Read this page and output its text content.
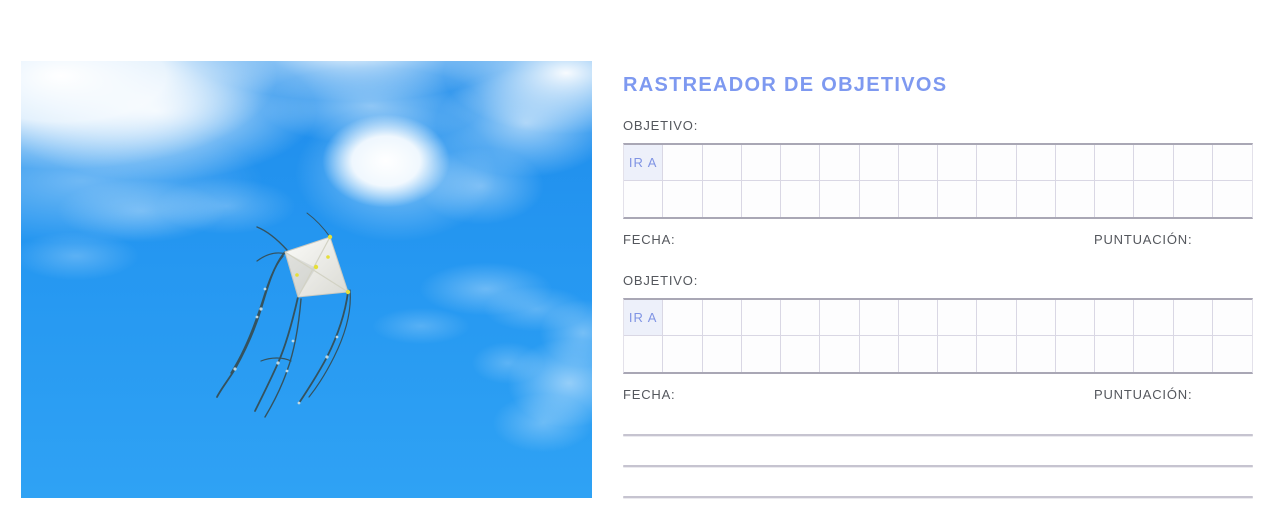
RASTREADOR DE OBJETIVOS
OBJETIVO:
IR A
FECHA:	PUNTUACIÓN:
OBJETIVO:
IR A
FECHA:	PUNTUACIÓN:
